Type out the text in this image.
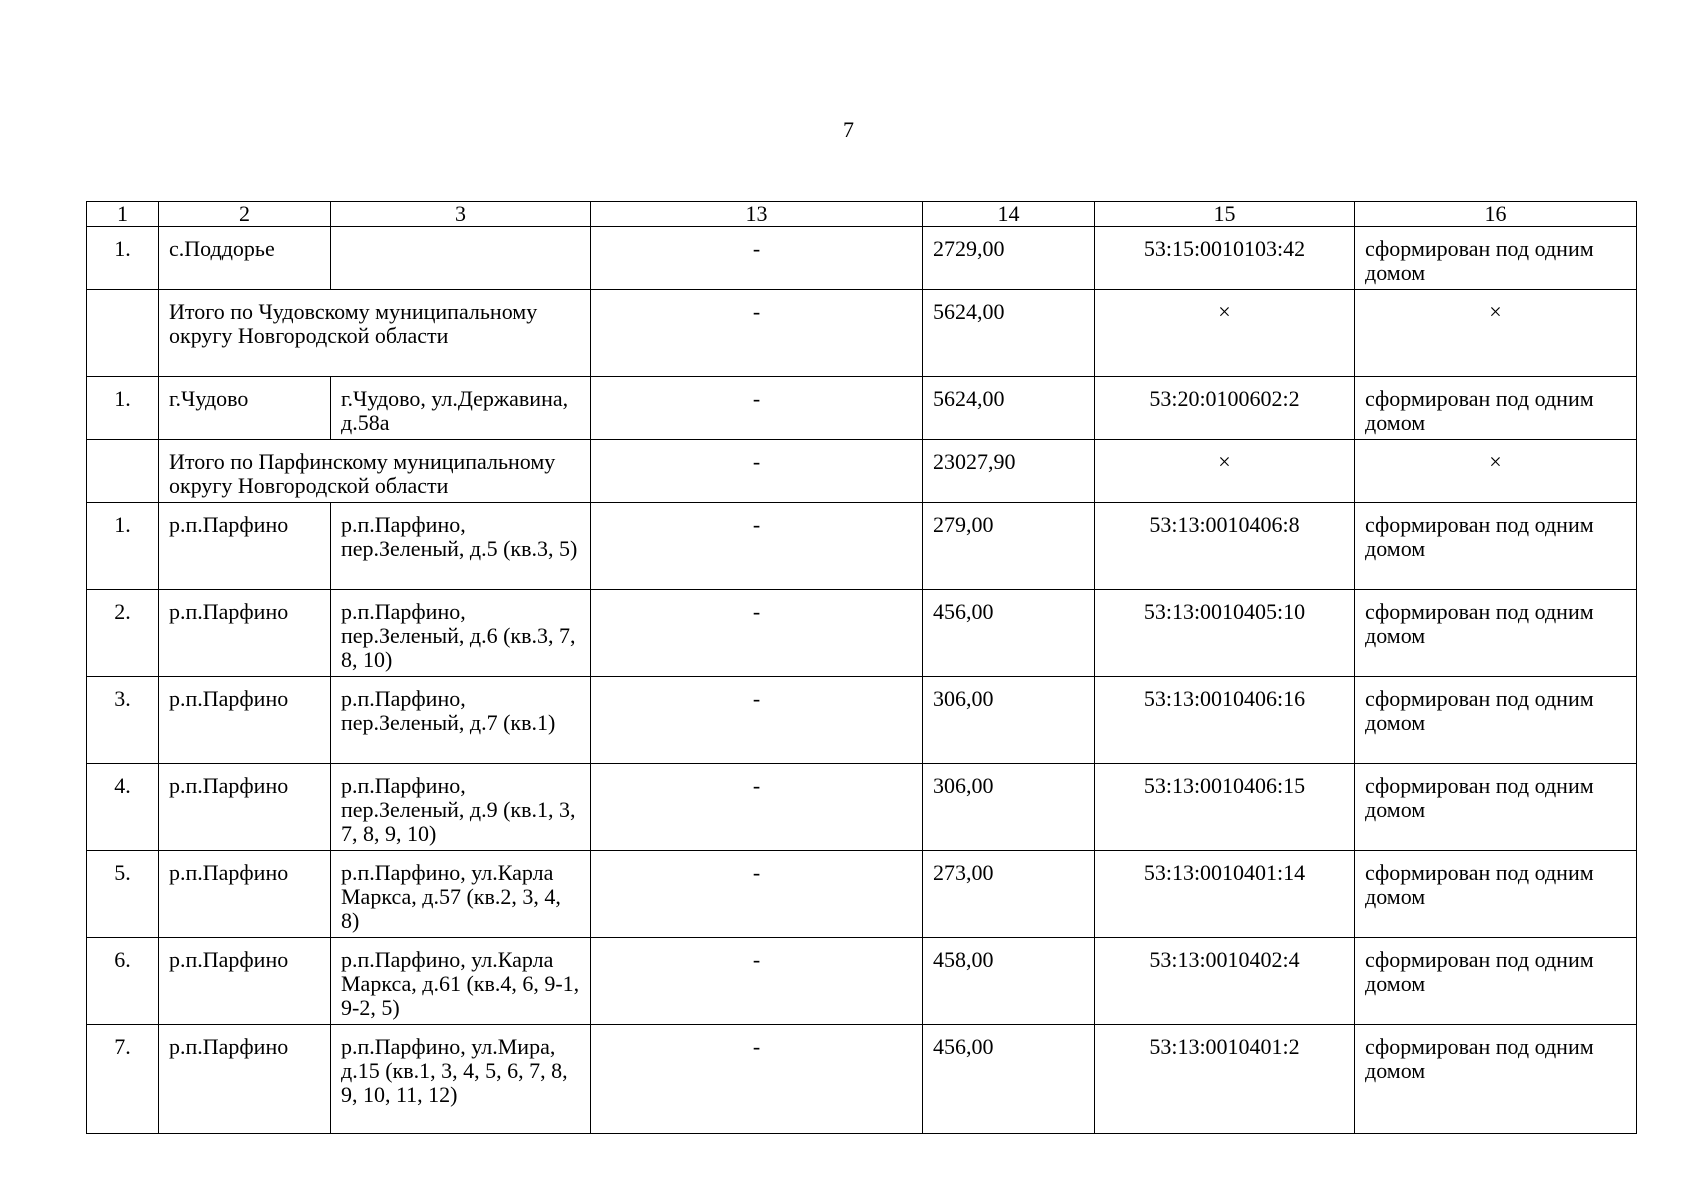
7
1	2	3	13	14	15	16
1.	с.Поддорье		-	2729,00	53:15:0010103:42	сформирован под одним домом
	Итого по Чудовскому муниципальному округу Новгородской области		-	5624,00	×	×
1.	г.Чудово	г.Чудово, ул.Державина, д.58а	-	5624,00	53:20:0100602:2	сформирован под одним домом
	Итого по Парфинскому муниципальному округу Новгородской области		-	23027,90	×	×
1.	р.п.Парфино	р.п.Парфино, пер.Зеленый, д.5 (кв.3, 5)	-	279,00	53:13:0010406:8	сформирован под одним домом
2.	р.п.Парфино	р.п.Парфино, пер.Зеленый, д.6 (кв.3, 7, 8, 10)	-	456,00	53:13:0010405:10	сформирован под одним домом
3.	р.п.Парфино	р.п.Парфино, пер.Зеленый, д.7 (кв.1)	-	306,00	53:13:0010406:16	сформирован под одним домом
4.	р.п.Парфино	р.п.Парфино, пер.Зеленый, д.9 (кв.1, 3, 7, 8, 9, 10)	-	306,00	53:13:0010406:15	сформирован под одним домом
5.	р.п.Парфино	р.п.Парфино, ул.Карла Маркса, д.57 (кв.2, 3, 4, 8)	-	273,00	53:13:0010401:14	сформирован под одним домом
6.	р.п.Парфино	р.п.Парфино, ул.Карла Маркса, д.61 (кв.4, 6, 9-1, 9-2, 5)	-	458,00	53:13:0010402:4	сформирован под одним домом
7.	р.п.Парфино	р.п.Парфино, ул.Мира, д.15 (кв.1, 3, 4, 5, 6, 7, 8, 9, 10, 11, 12)	-	456,00	53:13:0010401:2	сформирован под одним домом
